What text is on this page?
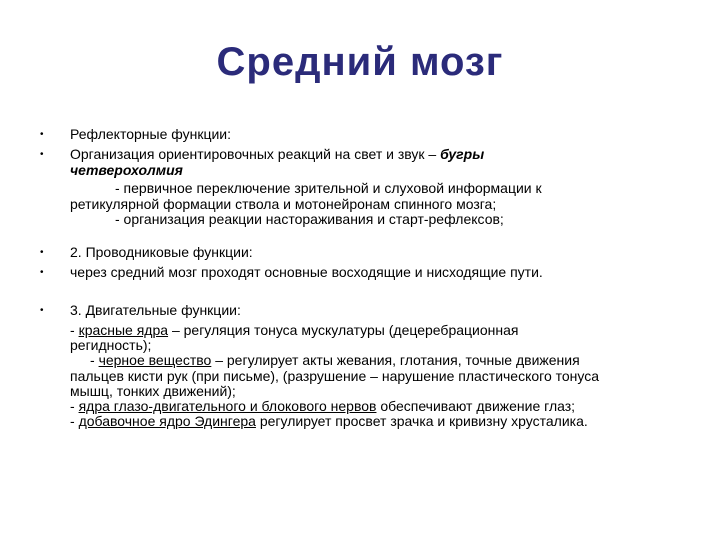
Средний мозг
•
•
Рефлекторные функции:
Организация ориентировочных реакций на свет и звук – бугры
четверохолмия
- первичное переключение зрительной и слуховой информации к
ретикулярной формации ствола и мотонейронам спинного мозга;
- организация реакции настораживания и старт-рефлексов;
•
•
2. Проводниковые функции:
через средний мозг проходят основные восходящие и нисходящие пути.
• 3. Двигательные функции:
- красные ядра – регуляция тонуса мускулатуры (децеребрационная
регидность);
- черное вещество – регулирует акты жевания, глотания, точные движения
пальцев кисти рук (при письме), (разрушение – нарушение пластического тонуса
мышц, тонких движений);
- ядра глазо-двигательного и блокового нервов обеспечивают движение глаз;
- добавочное ядро Эдингера регулирует просвет зрачка и кривизну хрусталика.
